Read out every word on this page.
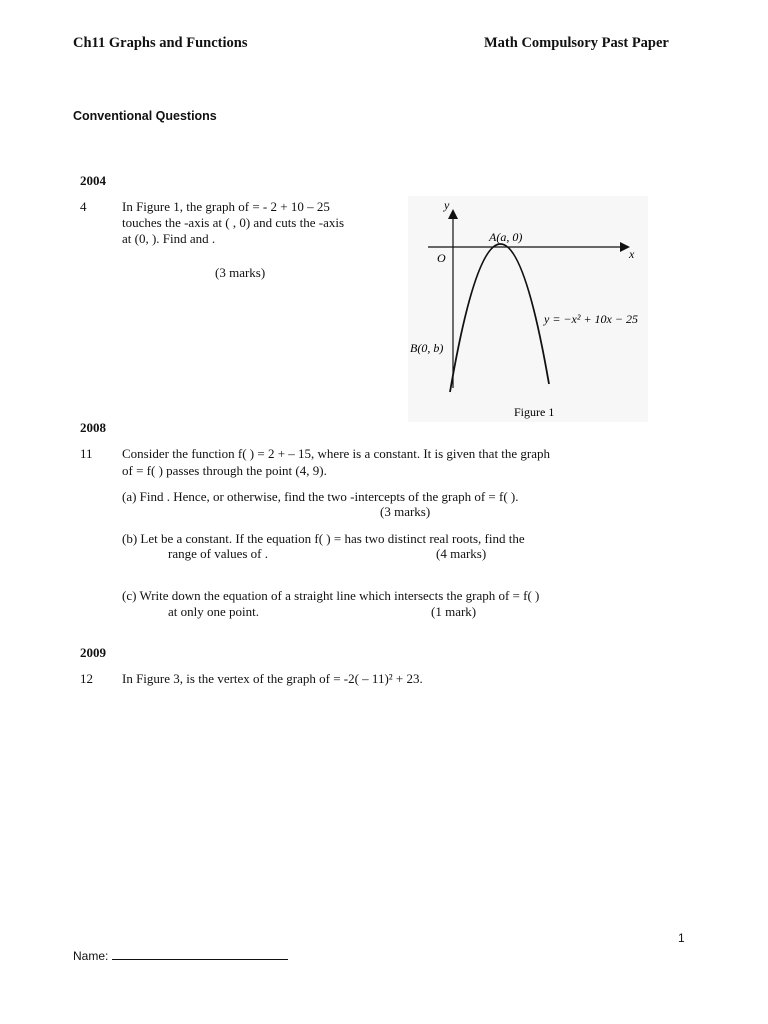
Ch11 Graphs and Functions	Math Compulsory Past Paper
Conventional Questions
2004
4	In Figure 1, the graph of = - 2 + 10 – 25
touches the -axis at ( , 0) and cuts the -axis
at (0, ). Find and .
(3 marks)
y
x
O
A(a, 0)
B(0, b)
y = −x² + 10x − 25
Figure 1
2008
11 Consider the function f( ) = 2 + – 15, where is a constant. It is given that the graph
of = f( ) passes through the point (4, 9).
(a) Find . Hence, or otherwise, find the two -intercepts of the graph of = f( ).
(3 marks)
(b) Let be a constant. If the equation f( ) = has two distinct real roots, find the
range of values of .	(4 marks)
(c) Write down the equation of a straight line which intersects the graph of = f( )
at only one point.	(1 mark)
2009
12 In Figure 3, is the vertex of the graph of = -2( – 11)² + 23.
1
Name:
